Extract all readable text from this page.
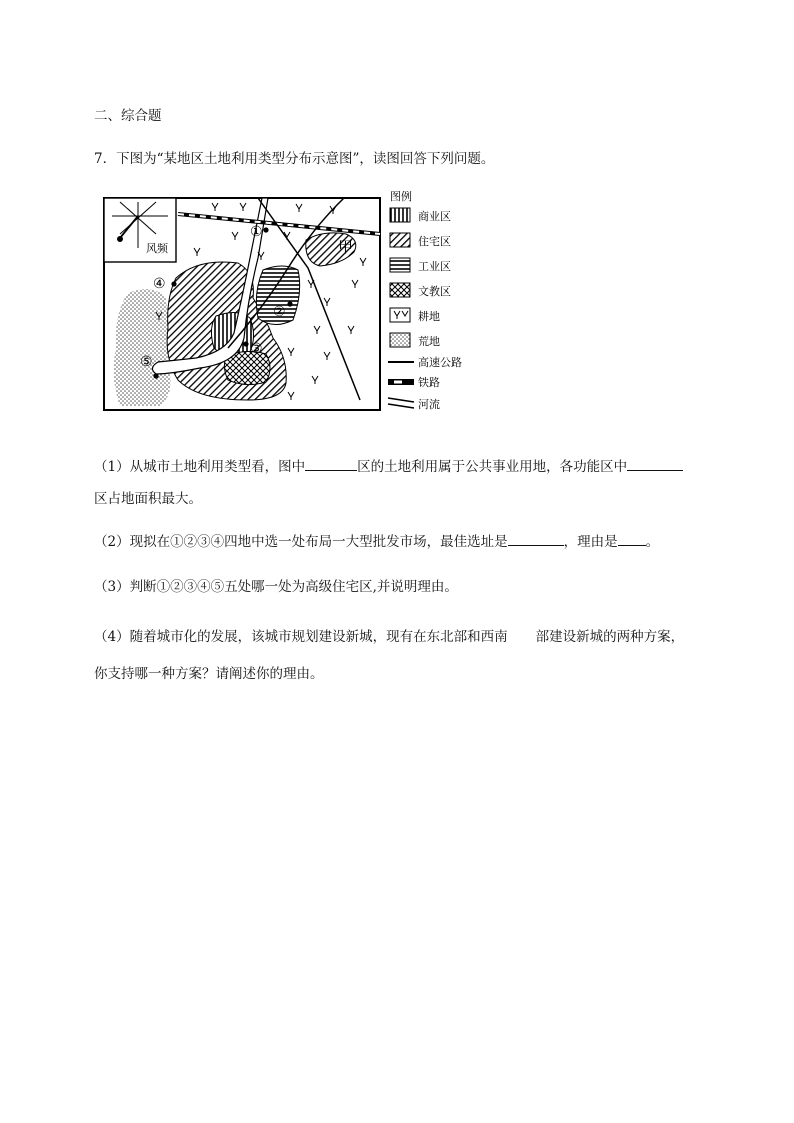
二、综合题
7．下图为“某地区土地利用类型分布示意图”，读图回答下列问题。
风频
①
②
③
④
⑤
甲
图例
商业区
住宅区
工业区
文教区
耕地
荒地
高速公路
铁路
河流
（1）从城市土地利用类型看，图中	区的土地利用属于公共事业用地，各功能区中
区占地面积最大。
（2）现拟在①②③④四地中选一处布局一大型批发市场，最佳选址是	，理由是 。
（3）判断①②③④⑤五处哪一处为高级住宅区,并说明理由。
（4）随着城市化的发展，该城市规划建设新城，现有在东北部和西南 部建设新城的两种方案，
你支持哪一种方案？请阐述你的理由。
